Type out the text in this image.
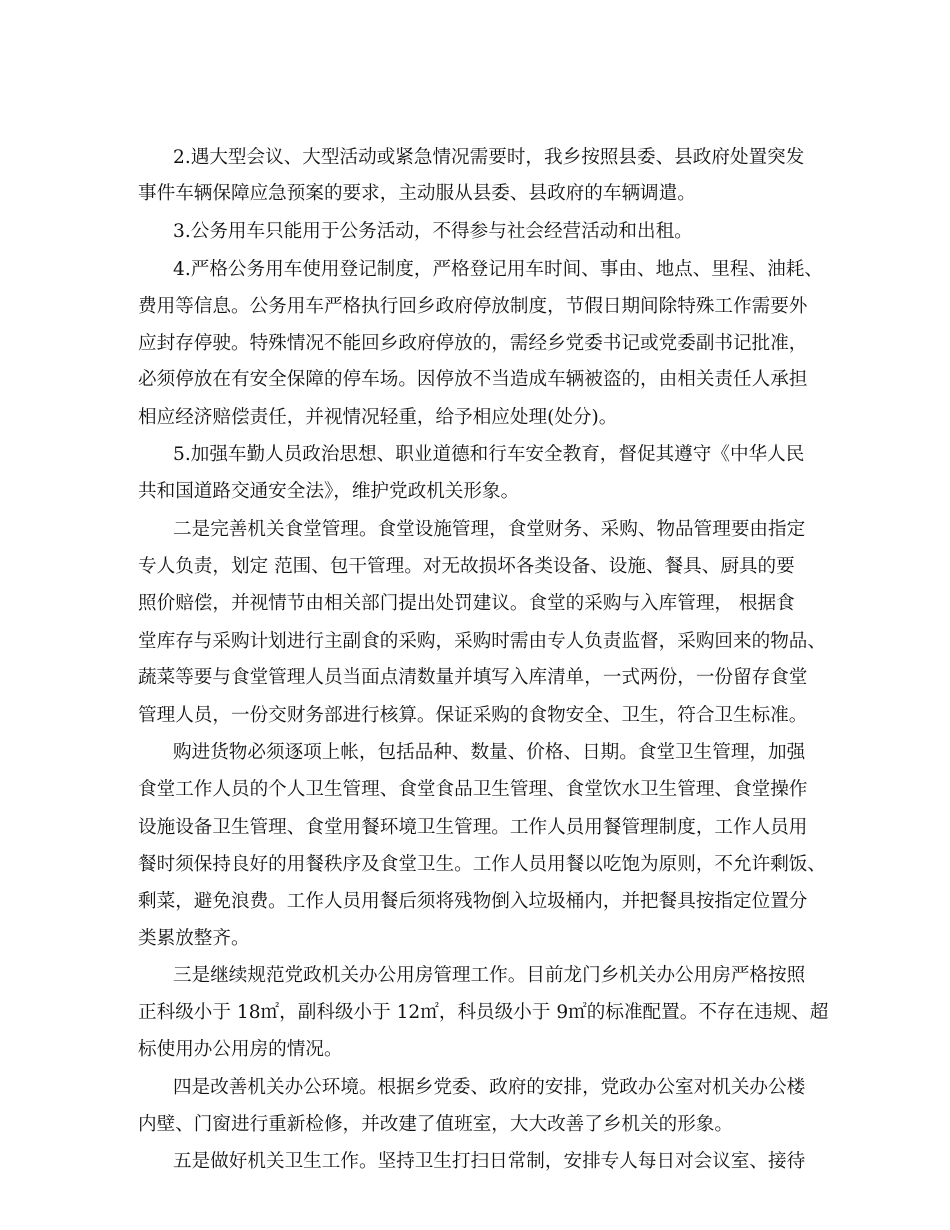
2.遇大型会议、大型活动或紧急情况需要时，我乡按照县委、县政府处置突发
事件车辆保障应急预案的要求，主动服从县委、县政府的车辆调遣。
3.公务用车只能用于公务活动，不得参与社会经营活动和出租。
4.严格公务用车使用登记制度，严格登记用车时间、事由、地点、里程、油耗、
费用等信息。公务用车严格执行回乡政府停放制度，节假日期间除特殊工作需要外
应封存停驶。特殊情况不能回乡政府停放的，需经乡党委书记或党委副书记批准，
必须停放在有安全保障的停车场。因停放不当造成车辆被盗的，由相关责任人承担
相应经济赔偿责任，并视情况轻重，给予相应处理(处分)。
5.加强车勤人员政治思想、职业道德和行车安全教育，督促其遵守《中华人民
共和国道路交通安全法》，维护党政机关形象。
二是完善机关食堂管理。食堂设施管理，食堂财务、采购、物品管理要由指定
专人负责，划定 范围、包干管理。对无故损坏各类设备、设施、餐具、厨具的要
照价赔偿，并视情节由相关部门提出处罚建议。食堂的采购与入库管理， 根据食
堂库存与采购计划进行主副食的采购，采购时需由专人负责监督，采购回来的物品、
蔬菜等要与食堂管理人员当面点清数量并填写入库清单，一式两份，一份留存食堂
管理人员，一份交财务部进行核算。保证采购的食物安全、卫生，符合卫生标准。
购进货物必须逐项上帐，包括品种、数量、价格、日期。食堂卫生管理，加强
食堂工作人员的个人卫生管理、食堂食品卫生管理、食堂饮水卫生管理、食堂操作
设施设备卫生管理、食堂用餐环境卫生管理。工作人员用餐管理制度，工作人员用
餐时须保持良好的用餐秩序及食堂卫生。工作人员用餐以吃饱为原则，不允许剩饭、
剩菜，避免浪费。工作人员用餐后须将残物倒入垃圾桶内，并把餐具按指定位置分
类累放整齐。
三是继续规范党政机关办公用房管理工作。目前龙门乡机关办公用房严格按照
正科级小于 18㎡，副科级小于 12㎡，科员级小于 9㎡的标准配置。不存在违规、超
标使用办公用房的情况。
四是改善机关办公环境。根据乡党委、政府的安排，党政办公室对机关办公楼
内壁、门窗进行重新检修，并改建了值班室，大大改善了乡机关的形象。
五是做好机关卫生工作。坚持卫生打扫日常制，安排专人每日对会议室、接待
